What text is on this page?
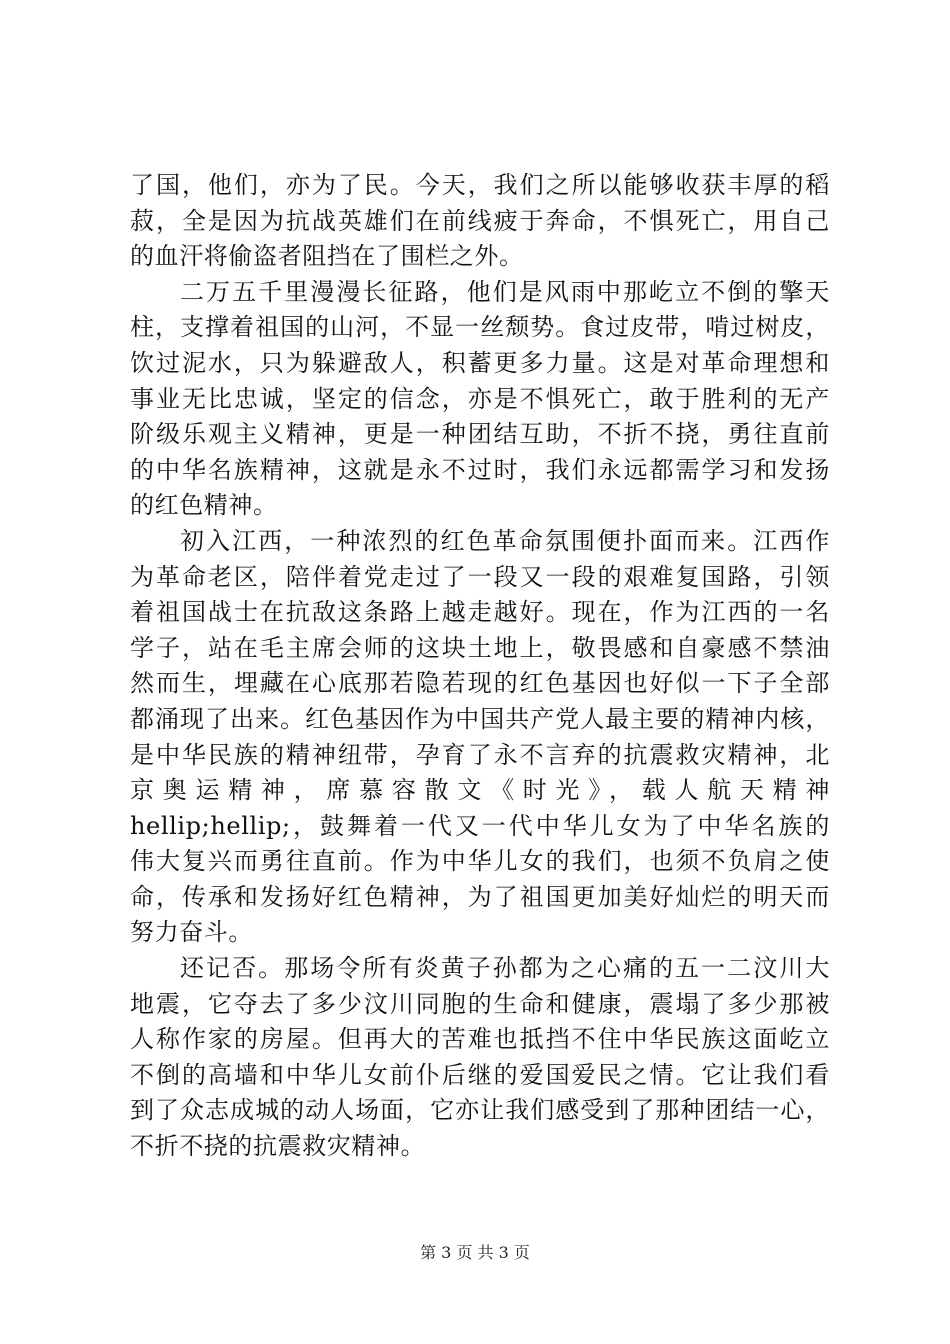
了国，他们，亦为了民。今天，我们之所以能够收获丰厚的稻
菽，全是因为抗战英雄们在前线疲于奔命，不惧死亡，用自己
的血汗将偷盗者阻挡在了围栏之外。
二万五千里漫漫长征路，他们是风雨中那屹立不倒的擎天
柱，支撑着祖国的山河，不显一丝颓势。食过皮带，啃过树皮，
饮过泥水，只为躲避敌人，积蓄更多力量。这是对革命理想和
事业无比忠诚，坚定的信念，亦是不惧死亡，敢于胜利的无产
阶级乐观主义精神，更是一种团结互助，不折不挠，勇往直前
的中华名族精神，这就是永不过时，我们永远都需学习和发扬
的红色精神。
初入江西，一种浓烈的红色革命氛围便扑面而来。江西作
为革命老区，陪伴着党走过了一段又一段的艰难复国路，引领
着祖国战士在抗敌这条路上越走越好。现在，作为江西的一名
学子，站在毛主席会师的这块土地上，敬畏感和自豪感不禁油
然而生，埋藏在心底那若隐若现的红色基因也好似一下子全部
都涌现了出来。红色基因作为中国共产党人最主要的精神内核，
是中华民族的精神纽带，孕育了永不言弃的抗震救灾精神，北
京奥运精神，席慕容散文《时光》，载人航天精神
hellip;hellip;，鼓舞着一代又一代中华儿女为了中华名族的
伟大复兴而勇往直前。作为中华儿女的我们，也须不负肩之使
命，传承和发扬好红色精神，为了祖国更加美好灿烂的明天而
努力奋斗。
还记否。那场令所有炎黄子孙都为之心痛的五一二汶川大
地震，它夺去了多少汶川同胞的生命和健康，震塌了多少那被
人称作家的房屋。但再大的苦难也抵挡不住中华民族这面屹立
不倒的高墙和中华儿女前仆后继的爱国爱民之情。它让我们看
到了众志成城的动人场面，它亦让我们感受到了那种团结一心，
不折不挠的抗震救灾精神。
第 3 页 共 3 页
